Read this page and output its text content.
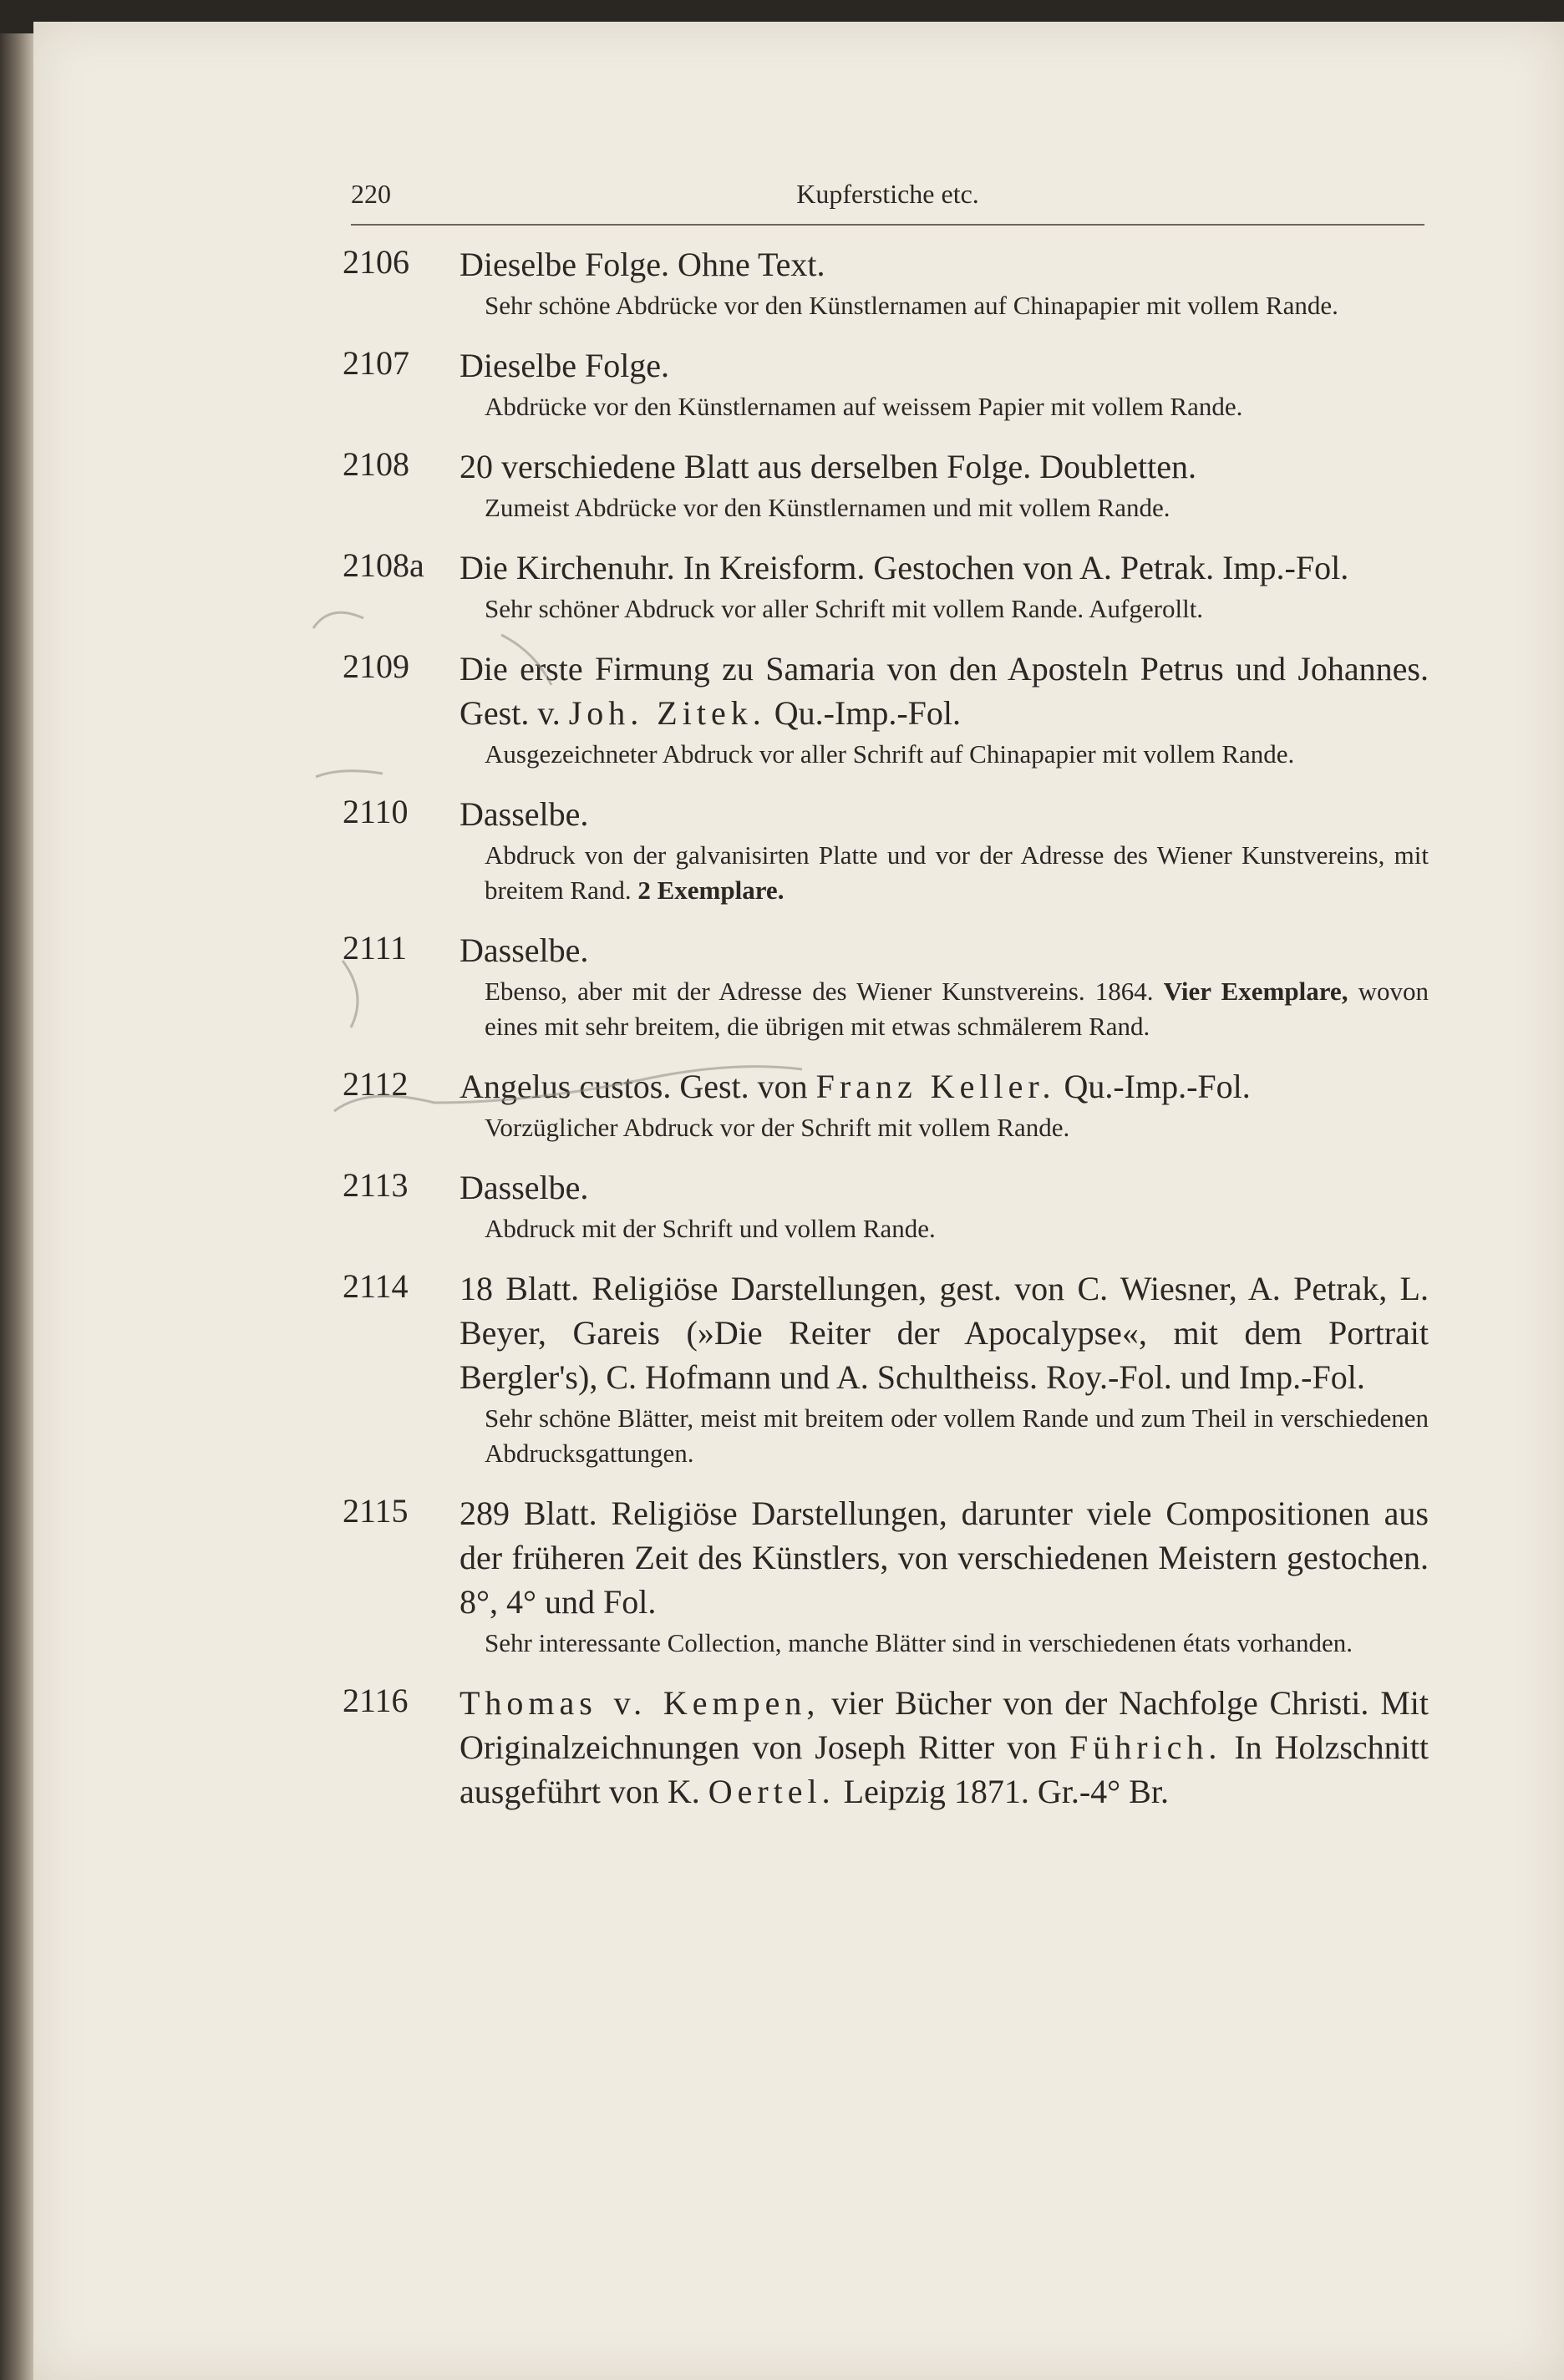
220	Kupferstiche etc.
2106	Dieselbe Folge. Ohne Text.
Sehr schöne Abdrücke vor den Künstlernamen auf Chinapapier mit vollem Rande.
2107	Dieselbe Folge.
Abdrücke vor den Künstlernamen auf weissem Papier mit vollem Rande.
2108	20 verschiedene Blatt aus derselben Folge. Doubletten.
Zumeist Abdrücke vor den Künstlernamen und mit vollem Rande.
2108a	Die Kirchenuhr. In Kreisform. Gestochen von A. Petrak. Imp.-Fol.
Sehr schöner Abdruck vor aller Schrift mit vollem Rande. Aufgerollt.
2109	Die erste Firmung zu Samaria von den Aposteln Petrus und Johannes. Gest. v. Joh. Zitek. Qu.-Imp.-Fol.
Ausgezeichneter Abdruck vor aller Schrift auf Chinapapier mit vollem Rande.
2110	Dasselbe.
Abdruck von der galvanisirten Platte und vor der Adresse des Wiener Kunstvereins, mit breitem Rand. 2 Exemplare.
2111	Dasselbe.
Ebenso, aber mit der Adresse des Wiener Kunstvereins. 1864. Vier Exemplare, wovon eines mit sehr breitem, die übrigen mit etwas schmälerem Rand.
2112	Angelus custos. Gest. von Franz Keller. Qu.-Imp.-Fol.
Vorzüglicher Abdruck vor der Schrift mit vollem Rande.
2113	Dasselbe.
Abdruck mit der Schrift und vollem Rande.
2114	18 Blatt. Religiöse Darstellungen, gest. von C. Wiesner, A. Petrak, L. Beyer, Gareis (»Die Reiter der Apocalypse«, mit dem Portrait Bergler's), C. Hofmann und A. Schultheiss. Roy.-Fol. und Imp.-Fol.
Sehr schöne Blätter, meist mit breitem oder vollem Rande und zum Theil in verschiedenen Abdrucksgattungen.
2115	289 Blatt. Religiöse Darstellungen, darunter viele Compositionen aus der früheren Zeit des Künstlers, von verschiedenen Meistern gestochen. 8°, 4° und Fol.
Sehr interessante Collection, manche Blätter sind in verschiedenen états vorhanden.
2116	Thomas v. Kempen, vier Bücher von der Nachfolge Christi. Mit Originalzeichnungen von Joseph Ritter von Führich. In Holzschnitt ausgeführt von K. Oertel. Leipzig 1871. Gr.-4° Br.
